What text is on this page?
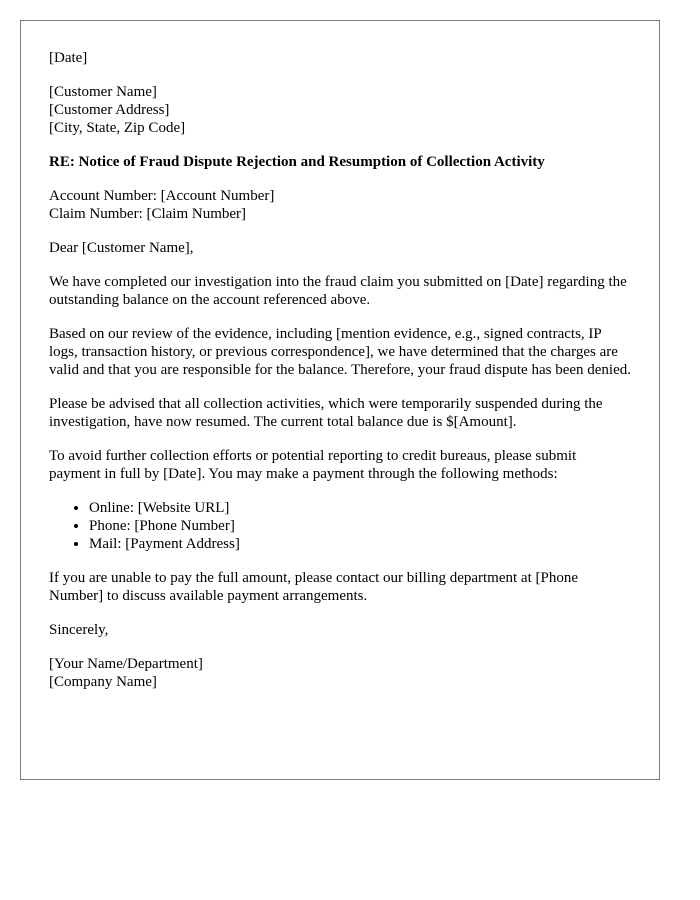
[Date]
[Customer Name]
[Customer Address]
[City, State, Zip Code]
RE: Notice of Fraud Dispute Rejection and Resumption of Collection Activity
Account Number: [Account Number]
Claim Number: [Claim Number]

Dear [Customer Name],

We have completed our investigation into the fraud claim you submitted on [Date] regarding the outstanding balance on the account referenced above.

Based on our review of the evidence, including [mention evidence, e.g., signed contracts, IP logs, transaction history, or previous correspondence], we have determined that the charges are valid and that you are responsible for the balance. Therefore, your fraud dispute has been denied.

Please be advised that all collection activities, which were temporarily suspended during the investigation, have now resumed. The current total balance due is $[Amount].

To avoid further collection efforts or potential reporting to credit bureaus, please submit payment in full by [Date]. You may make a payment through the following methods:

• Online: [Website URL]
• Phone: [Phone Number]
• Mail: [Payment Address]

If you are unable to pay the full amount, please contact our billing department at [Phone Number] to discuss available payment arrangements.

Sincerely,

[Your Name/Department]
[Company Name]
